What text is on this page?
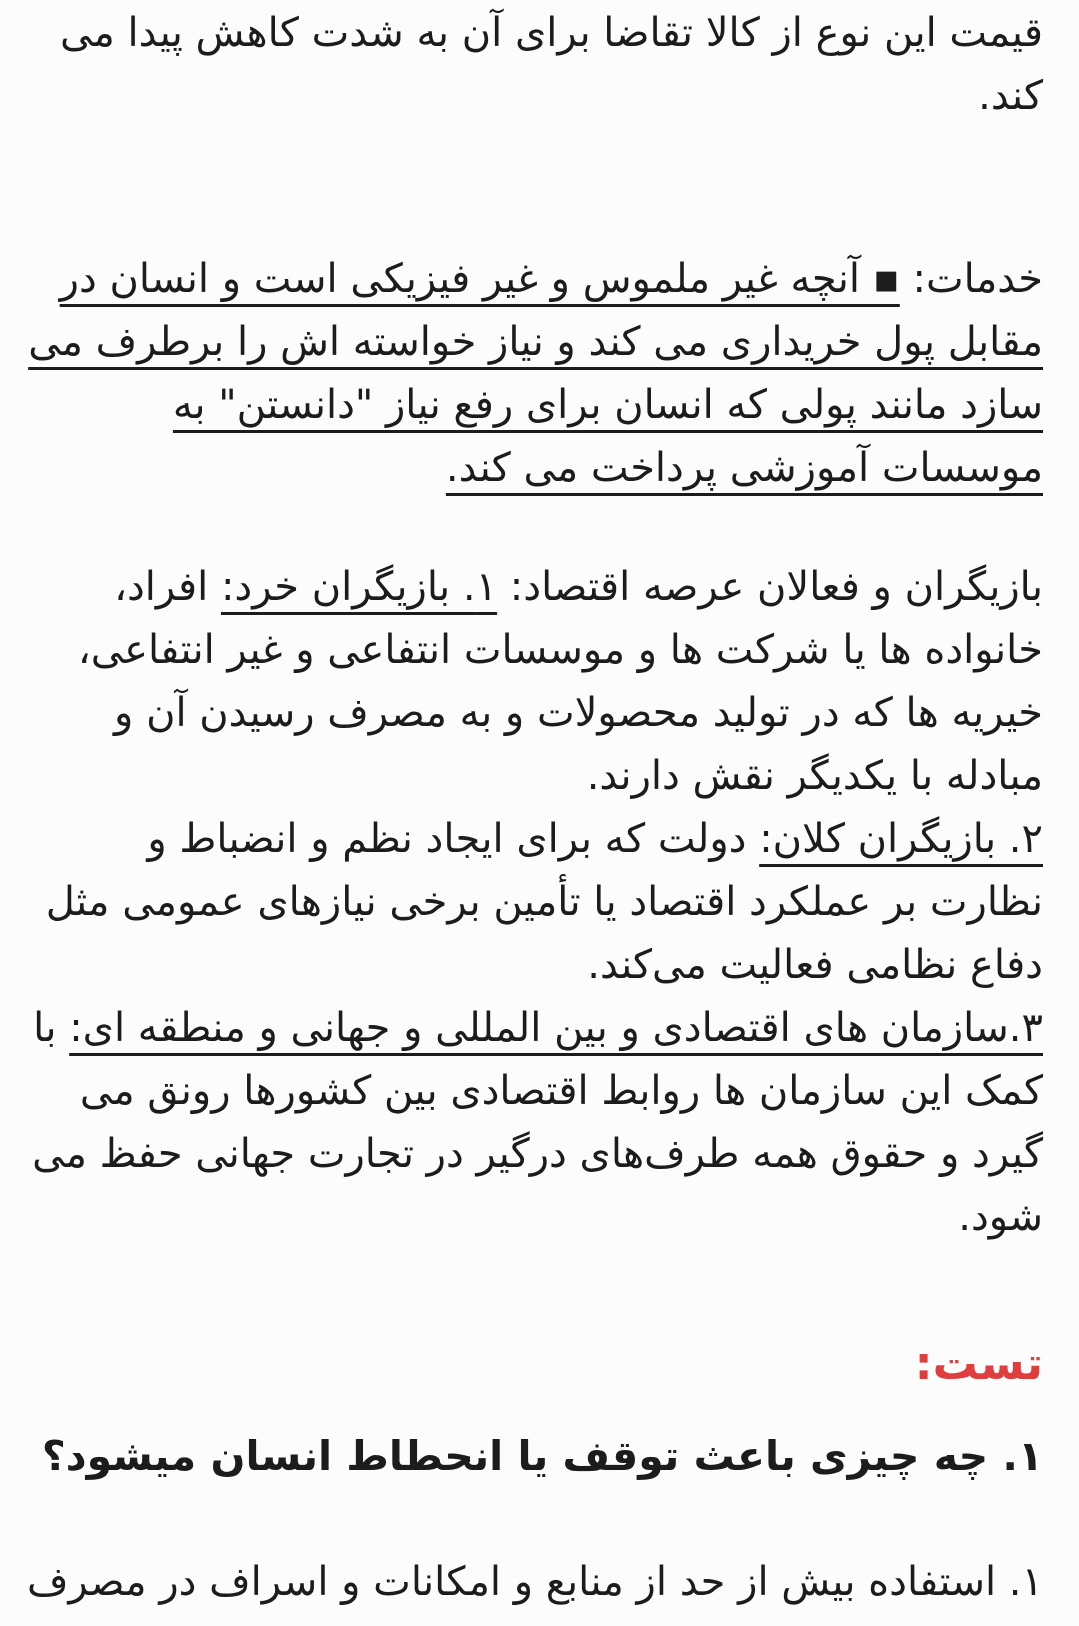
قیمت این نوع از کالا تقاضا برای آن به شدت کاهش پیدا می
کند.
خدمات: ▪ آنچه غیر ملموس و غیر فیزیکی است و انسان در
مقابل پول خریداری می کند و نیاز خواسته اش را برطرف می
سازد مانند پولی که انسان برای رفع نیاز "دانستن" به
موسسات آموزشی پرداخت می کند.
بازیگران و فعالان عرصه اقتصاد: ۱. بازیگران خرد: افراد،
خانواده ها یا شرکت ها و موسسات انتفاعی و غیر انتفاعی،
خیریه ها که در تولید محصولات و به مصرف رسیدن آن و
مبادله با یکدیگر نقش دارند.
۲. بازیگران کلان: دولت که برای ایجاد نظم و انضباط و
نظارت بر عملکرد اقتصاد یا تأمین برخی نیازهای عمومی مثل
دفاع نظامی فعالیت می‌کند.
۳.سازمان های اقتصادی و بین المللی و جهانی و منطقه ای: با
کمک این سازمان ها روابط اقتصادی بین کشورها رونق می
گیرد و حقوق همه طرف‌های درگیر در تجارت جهانی حفظ می
شود.
تست:
۱. چه چیزی باعث توقف یا انحطاط انسان میشود؟
۱. استفاده بیش از حد از منابع و امکانات و اسراف در مصرف
